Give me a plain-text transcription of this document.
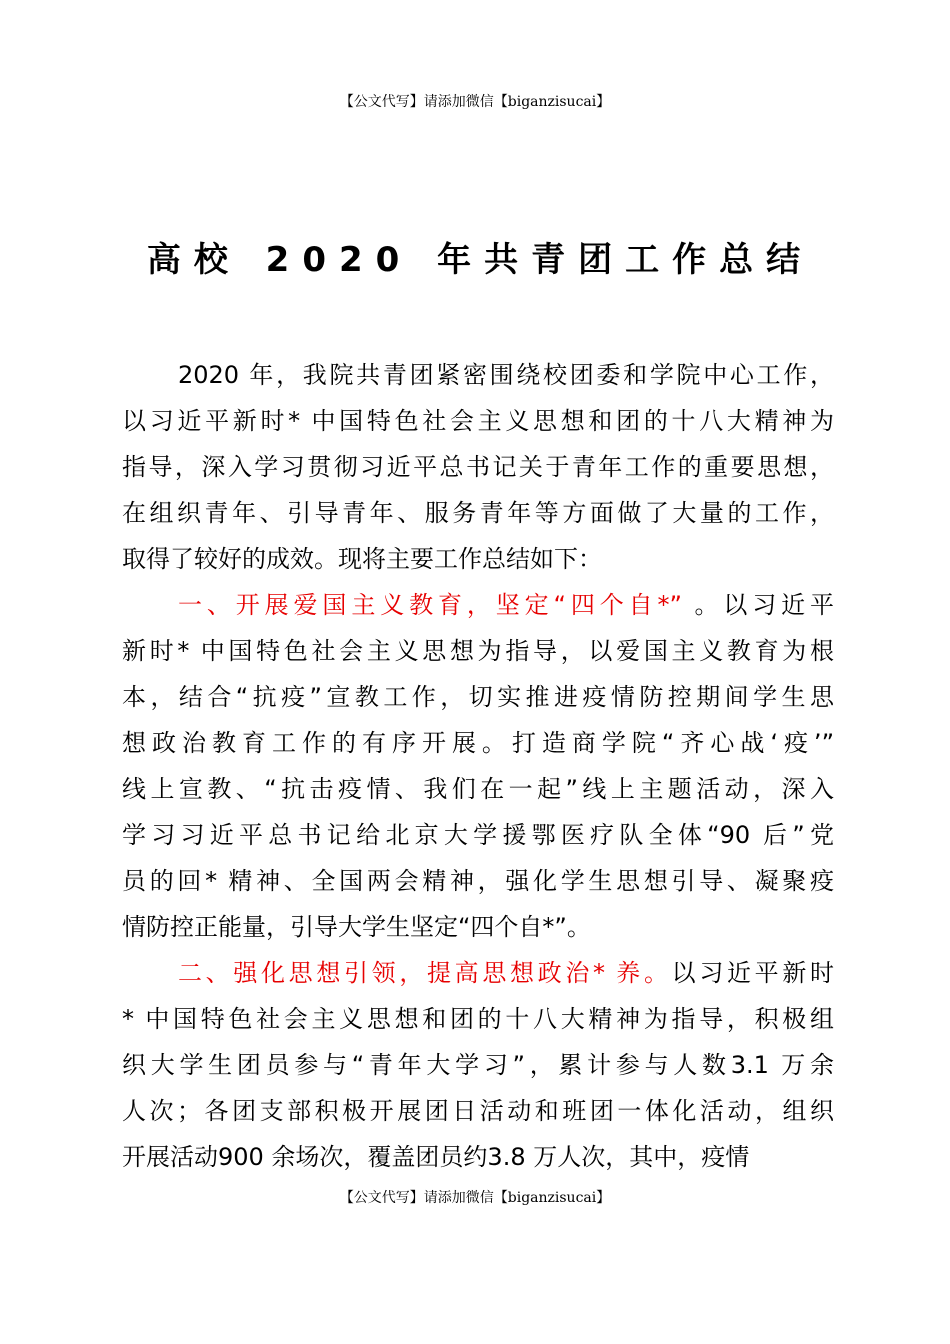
【公文代写】请添加微信【biganzisucai】
高校 2020 年共青团工作总结
2020 年，我院共青团紧密围绕校团委和学院中心工作，
以习近平新时* 中国特色社会主义思想和团的十八大精神为
指导，深入学习贯彻习近平总书记关于青年工作的重要思想，
在组织青年、引导青年、服务青年等方面做了大量的工作，
取得了较好的成效。现将主要工作总结如下：
一、开展爱国主义教育，坚定“四个自*” 。以习近平
新时* 中国特色社会主义思想为指导，以爱国主义教育为根
本，结合“抗疫”宣教工作，切实推进疫情防控期间学生思
想政治教育工作的有序开展。打造商学院“齐心战‘疫’”
线上宣教、“抗击疫情、我们在一起”线上主题活动，深入
学习习近平总书记给北京大学援鄂医疗队全体“90 后”党
员的回* 精神、全国两会精神，强化学生思想引导、凝聚疫
情防控正能量，引导大学生坚定“四个自*”。
二、强化思想引领，提高思想政治* 养。以习近平新时
* 中国特色社会主义思想和团的十八大精神为指导，积极组
织大学生团员参与“青年大学习”，累计参与人数3.1 万余
人次；各团支部积极开展团日活动和班团一体化活动，组织
开展活动900 余场次，覆盖团员约3.8 万人次，其中，疫情
【公文代写】请添加微信【biganzisucai】
